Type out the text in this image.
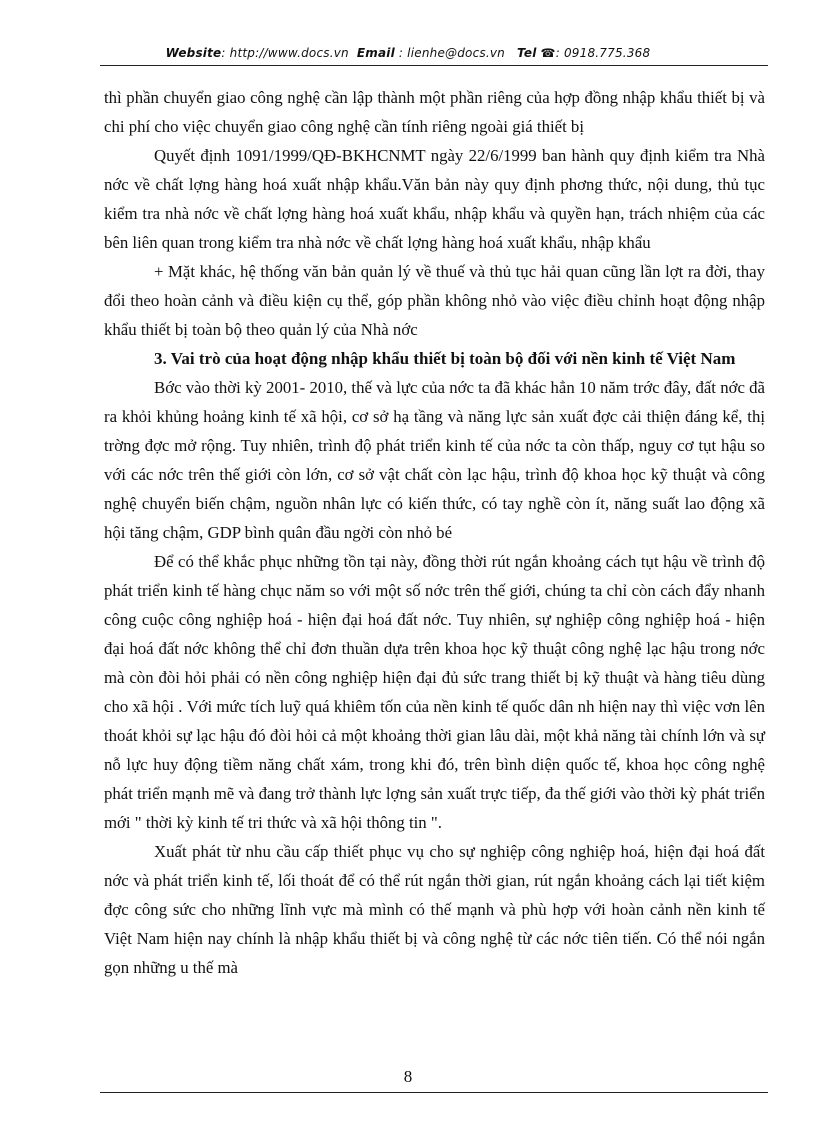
Website: http://www.docs.vn Email : lienhe@docs.vn Tel ☎: 0918.775.368

thì phần chuyển giao công nghệ cần lập thành một phần riêng của hợp đồng nhập khẩu thiết bị và chi phí cho việc chuyển giao công nghệ cần tính riêng ngoài giá thiết bị

Quyết định 1091/1999/QĐ-BKHCNMT ngày 22/6/1999 ban hành quy định kiểm tra Nhà nớc về chất lợng hàng hoá xuất nhập khẩu.Văn bản này quy định phơng thức, nội dung, thủ tục kiểm tra nhà nớc về chất lợng hàng hoá xuất khẩu, nhập khẩu và quyền hạn, trách nhiệm của các bên liên quan trong kiểm tra nhà nớc về chất lợng hàng hoá xuất khẩu, nhập khẩu

+ Mặt khác, hệ thống văn bản quản lý về thuế và thủ tục hải quan cũng lần lợt ra đời, thay đổi theo hoàn cảnh và điều kiện cụ thể, góp phần không nhỏ vào việc điều chỉnh hoạt động nhập khẩu thiết bị toàn bộ theo quản lý của Nhà nớc

3. Vai trò của hoạt động nhập khẩu thiết bị toàn bộ đối với nền kinh tế Việt Nam

Bớc vào thời kỳ 2001- 2010, thế và lực của nớc ta đã khác hẳn 10 năm trớc đây, đất nớc đã ra khỏi khủng hoảng kinh tế xã hội, cơ sở hạ tầng và năng lực sản xuất đợc cải thiện đáng kể, thị trờng đợc mở rộng. Tuy nhiên, trình độ phát triển kinh tế của nớc ta còn thấp, nguy cơ tụt hậu so với các nớc trên thế giới còn lớn, cơ sở vật chất còn lạc hậu, trình độ khoa học kỹ thuật và công nghệ chuyển biến chậm, nguồn nhân lực có kiến thức, có tay nghề còn ít, năng suất lao động xã hội tăng chậm, GDP bình quân đầu ngời còn nhỏ bé

Để có thể khắc phục những tồn tại này, đồng thời rút ngắn khoảng cách tụt hậu về trình độ phát triển kinh tế hàng chục năm so với một số nớc trên thế giới, chúng ta chỉ còn cách đẩy nhanh công cuộc công nghiệp hoá - hiện đại hoá đất nớc. Tuy nhiên, sự nghiệp công nghiệp hoá - hiện đại hoá đất nớc không thể chỉ đơn thuần dựa trên khoa học kỹ thuật công nghệ lạc hậu trong nớc mà còn đòi hỏi phải có nền công nghiệp hiện đại đủ sức trang thiết bị kỹ thuật và hàng tiêu dùng cho xã hội . Với mức tích luỹ quá khiêm tốn của nền kinh tế quốc dân nh hiện nay thì việc vơn lên thoát khỏi sự lạc hậu đó đòi hỏi cả một khoảng thời gian lâu dài, một khả năng tài chính lớn và sự nỗ lực huy động tiềm năng chất xám, trong khi đó, trên bình diện quốc tế, khoa học công nghệ phát triển mạnh mẽ và đang trở thành lực lợng sản xuất trực tiếp, đa thế giới vào thời kỳ phát triển mới " thời kỳ kinh tế tri thức và xã hội thông tin ".

Xuất phát từ nhu cầu cấp thiết phục vụ cho sự nghiệp công nghiệp hoá, hiện đại hoá đất nớc và phát triển kinh tế, lối thoát để có thể rút ngắn thời gian, rút ngắn khoảng cách lại tiết kiệm đợc công sức cho những lĩnh vực mà mình có thế mạnh và phù hợp với hoàn cảnh nền kinh tế Việt Nam hiện nay chính là nhập khẩu thiết bị và công nghệ từ các nớc tiên tiến. Có thể nói ngắn gọn những u thế mà

8
